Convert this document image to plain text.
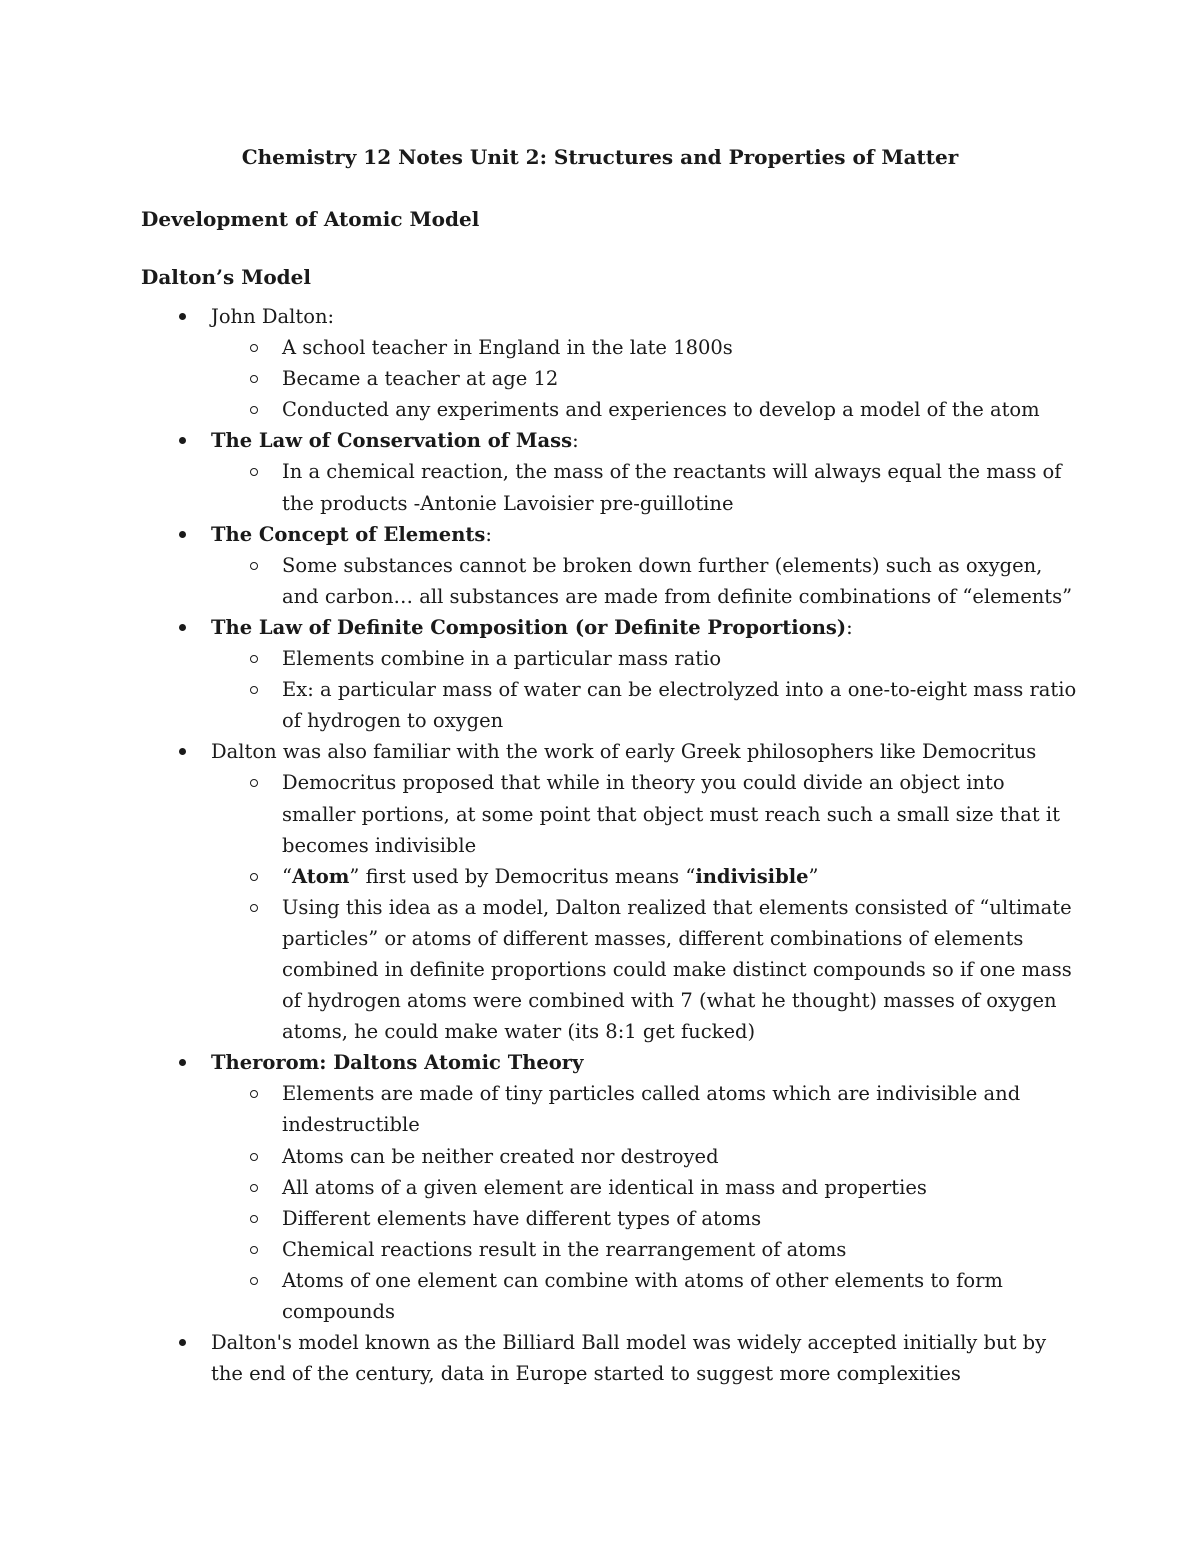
Chemistry 12 Notes Unit 2: Structures and Properties of Matter
Development of Atomic Model
Dalton’s Model
John Dalton:
A school teacher in England in the late 1800s
Became a teacher at age 12
Conducted any experiments and experiences to develop a model of the atom
The Law of Conservation of Mass:
In a chemical reaction, the mass of the reactants will always equal the mass of the products -Antonie Lavoisier pre-guillotine
The Concept of Elements:
Some substances cannot be broken down further (elements) such as oxygen, and carbon… all substances are made from definite combinations of “elements”
The Law of Definite Composition (or Definite Proportions):
Elements combine in a particular mass ratio
Ex: a particular mass of water can be electrolyzed into a one-to-eight mass ratio of hydrogen to oxygen
Dalton was also familiar with the work of early Greek philosophers like Democritus
Democritus proposed that while in theory you could divide an object into smaller portions, at some point that object must reach such a small size that it becomes indivisible
“Atom” first used by Democritus means “indivisible”
Using this idea as a model, Dalton realized that elements consisted of “ultimate particles” or atoms of different masses, different combinations of elements combined in definite proportions could make distinct compounds so if one mass of hydrogen atoms were combined with 7 (what he thought) masses of oxygen atoms, he could make water (its 8:1 get fucked)
Therorom: Daltons Atomic Theory
Elements are made of tiny particles called atoms which are indivisible and indestructible
Atoms can be neither created nor destroyed
All atoms of a given element are identical in mass and properties
Different elements have different types of atoms
Chemical reactions result in the rearrangement of atoms
Atoms of one element can combine with atoms of other elements to form compounds
Dalton's model known as the Billiard Ball model was widely accepted initially but by the end of the century, data in Europe started to suggest more complexities
